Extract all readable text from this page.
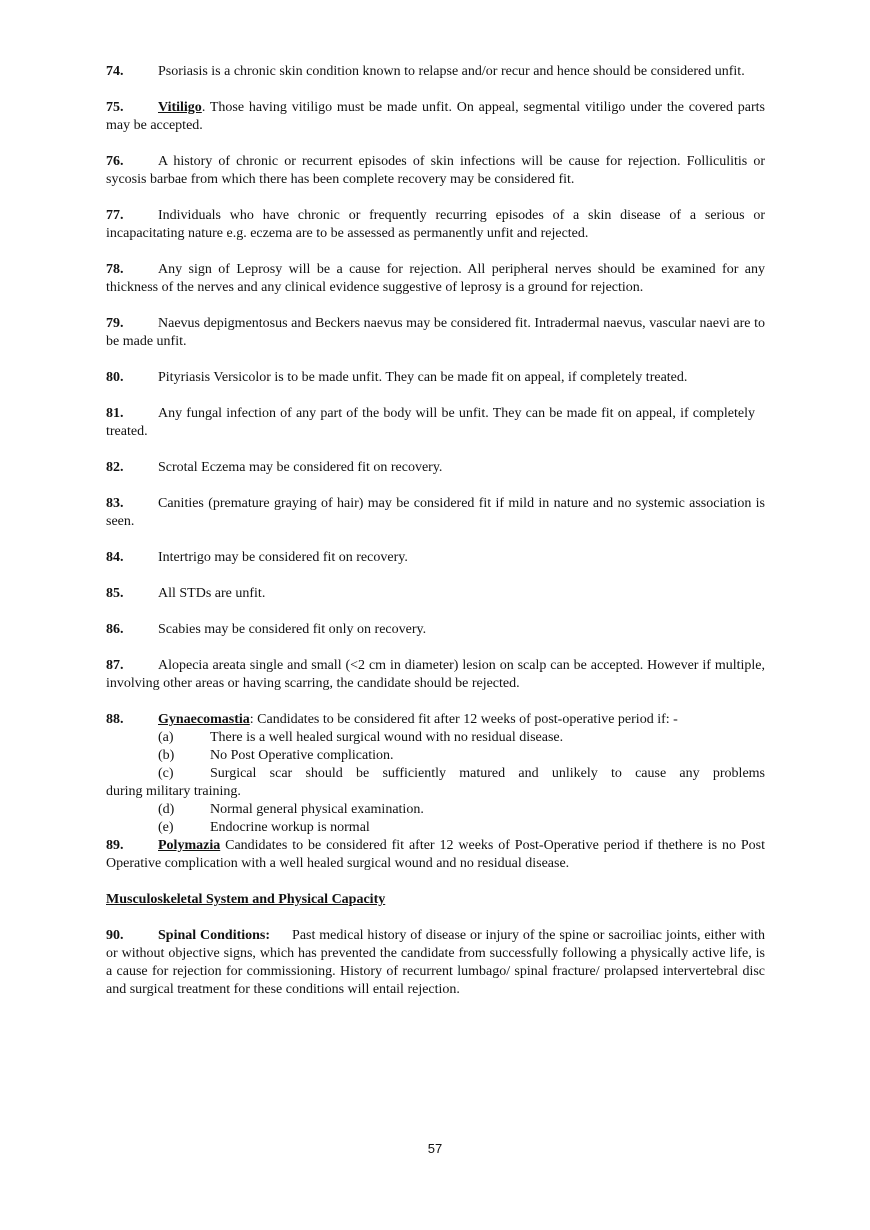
74. Psoriasis is a chronic skin condition known to relapse and/or recur and hence should be considered unfit.

75. Vitiligo. Those having vitiligo must be made unfit. On appeal, segmental vitiligo under the covered parts may be accepted.

76. A history of chronic or recurrent episodes of skin infections will be cause for rejection. Folliculitis or sycosis barbae from which there has been complete recovery may be considered fit.

77. Individuals who have chronic or frequently recurring episodes of a skin disease of a serious or incapacitating nature e.g. eczema are to be assessed as permanently unfit and rejected.

78. Any sign of Leprosy will be a cause for rejection. All peripheral nerves should be examined for any thickness of the nerves and any clinical evidence suggestive of leprosy is a ground for rejection.

79. Naevus depigmentosus and Beckers naevus may be considered fit. Intradermal naevus, vascular naevi are to be made unfit.

80. Pityriasis Versicolor is to be made unfit. They can be made fit on appeal, if completely treated.

81. Any fungal infection of any part of the body will be unfit. They can be made fit on appeal, if completely treated.

82. Scrotal Eczema may be considered fit on recovery.

83. Canities (premature graying of hair) may be considered fit if mild in nature and no systemic association is seen.

84. Intertrigo may be considered fit on recovery.

85. All STDs are unfit.

86. Scabies may be considered fit only on recovery.

87. Alopecia areata single and small (<2 cm in diameter) lesion on scalp can be accepted. However if multiple, involving other areas or having scarring, the candidate should be rejected.

88. Gynaecomastia: Candidates to be considered fit after 12 weeks of post-operative period if: -

(a)	There is a well healed surgical wound with no residual disease.

(b)	No Post Operative complication.

(c)	Surgical scar should be sufficiently matured and unlikely to cause any problems

during military training.

(d)	Normal general physical examination.

(e)	Endocrine workup is normal

89. Polymazia Candidates to be considered fit after 12 weeks of Post-Operative period if thethere is no Post Operative complication with a well healed surgical wound and no residual disease.

Musculoskeletal System and Physical Capacity

90. Spinal Conditions: Past medical history of disease or injury of the spine or sacroiliac joints, either with or without objective signs, which has prevented the candidate from successfully following a physically active life, is a cause for rejection for commissioning. History of recurrent lumbago/ spinal fracture/ prolapsed intervertebral disc and surgical treatment for these conditions will entail rejection.

57
